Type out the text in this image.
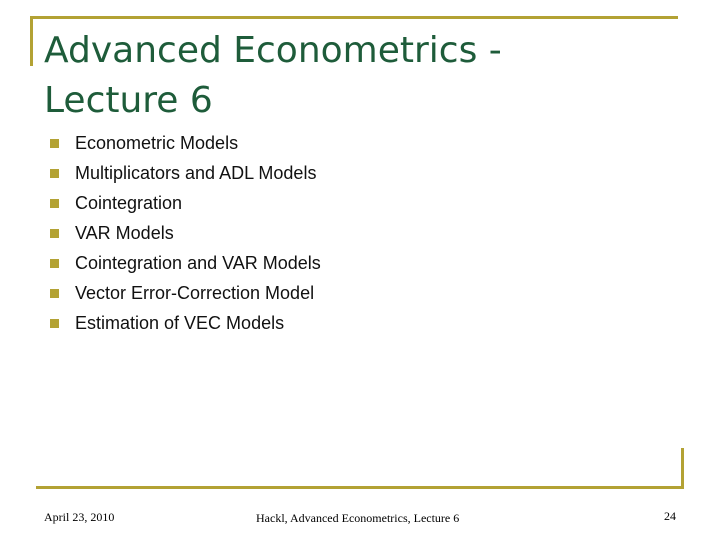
Advanced Econometrics -
Lecture 6
Econometric Models
Multiplicators and ADL Models
Cointegration
VAR Models
Cointegration and VAR Models
Vector Error-Correction Model
Estimation of VEC Models
April 23, 2010	Hackl, Advanced Econometrics, Lecture 6	24
